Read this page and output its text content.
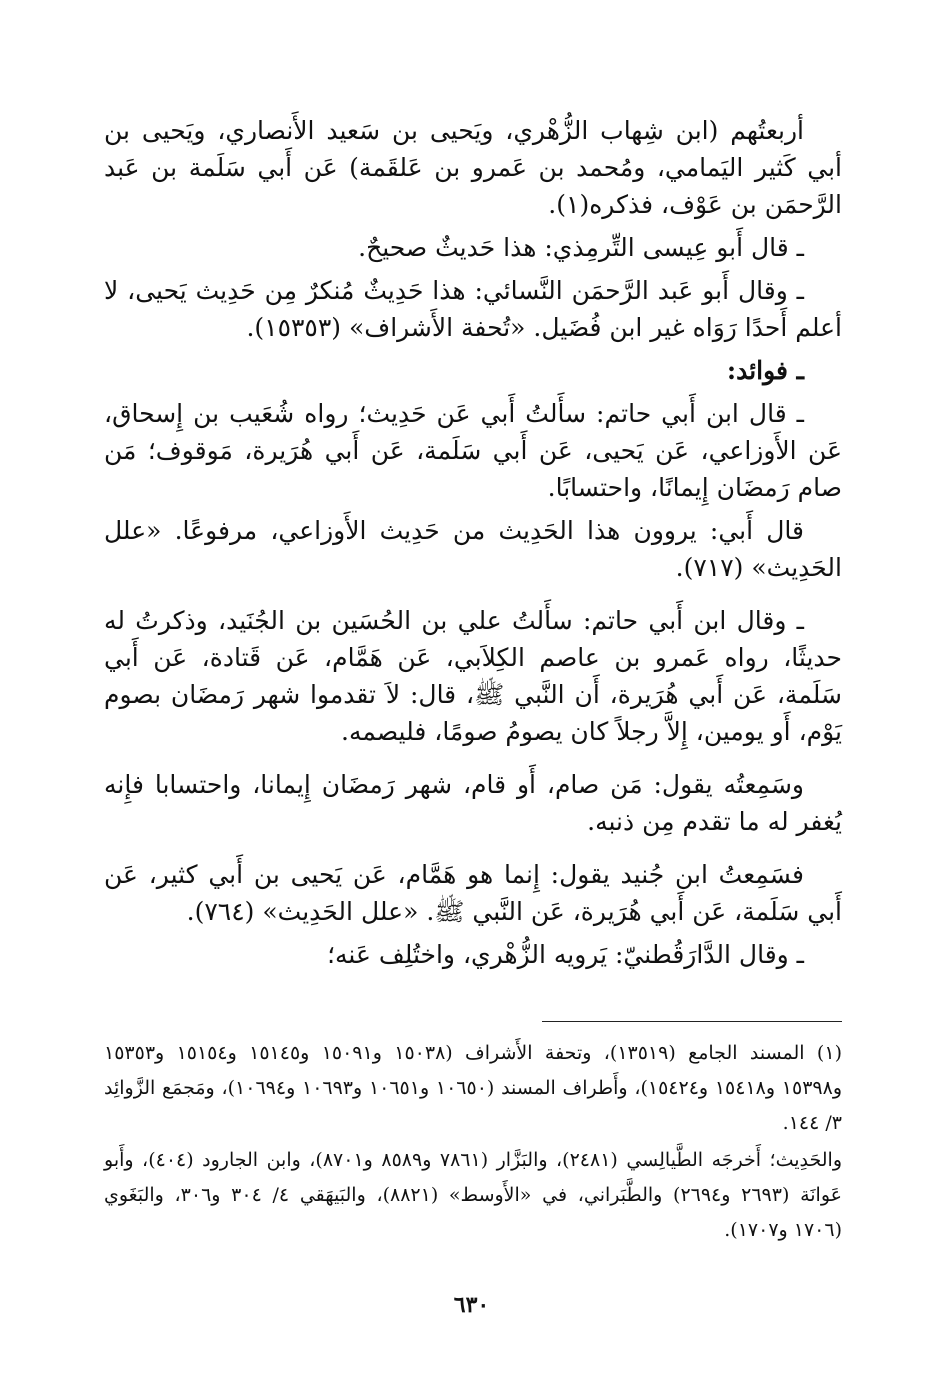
أربعتُهم (ابن شِهاب الزُّهْري، ويَحيى بن سَعيد الأَنصاري، ويَحيى بن أبي كَثير اليَمامي، ومُحمد بن عَمرو بن عَلقَمة) عَن أَبي سَلَمة بن عَبد الرَّحمَن بن عَوْف، فذكره(١).

ـ قال أَبو عِيسى التِّرمِذي: هذا حَديثٌ صحيحٌ.

ـ وقال أَبو عَبد الرَّحمَن النَّسائي: هذا حَدِيثٌ مُنكرٌ مِن حَدِيث يَحيى، لا أعلم أَحدًا رَوَاه غير ابن فُضَيل. «تُحفة الأَشراف» (١٥٣٥٣).

ـ فوائد:

ـ قال ابن أَبي حاتم: سأَلتُ أَبي عَن حَدِيث؛ رواه شُعَيب بن إِسحاق، عَن الأَوزاعي، عَن يَحيى، عَن أَبي سَلَمة، عَن أَبي هُرَيرة، مَوقوف؛ مَن صام رَمضَان إِيمانًا، واحتسابًا.

قال أَبي: يروون هذا الحَدِيث من حَدِيث الأَوزاعي، مرفوعًا. «علل الحَدِيث» (٧١٧).

ـ وقال ابن أَبي حاتم: سأَلتُ علي بن الحُسَين بن الجُنَيد، وذكرتُ له حديثًا، رواه عَمرو بن عاصم الكِلاَبي، عَن هَمَّام، عَن قَتادة، عَن أَبي سَلَمة، عَن أَبي هُرَيرة، أَن النَّبي ﷺ، قال: لاَ تقدموا شهر رَمضَان بصوم يَوْم، أَو يومين، إِلاَّ رجلاً كان يصومُ صومًا، فليصمه.

وسَمِعتُه يقول: مَن صام، أَو قام، شهر رَمضَان إِيمانا، واحتسابا فإِنه يُغفر له ما تقدم مِن ذنبه.

فسَمِعتُ ابن جُنيد يقول: إِنما هو هَمَّام، عَن يَحيى بن أَبي كثير، عَن أَبي سَلَمة، عَن أَبي هُرَيرة، عَن النَّبي ﷺ. «علل الحَدِيث» (٧٦٤).

ـ وقال الدَّارَقُطنيّ: يَرويه الزُّهْري، واختُلِف عَنه؛

(١) المسند الجامع (١٣٥١٩)، وتحفة الأَشراف (١٥٠٣٨ و١٥٠٩١ و١٥١٤٥ و١٥١٥٤ و١٥٣٥٣ و١٥٣٩٨ و١٥٤١٨ و١٥٤٢٤)، وأَطراف المسند (١٠٦٥٠ و١٠٦٥١ و١٠٦٩٣ و١٠٦٩٤)، ومَجمَع الزَّوائِد ٣/ ١٤٤.

والحَدِيث؛ أَخرجَه الطَّيالِسي (٢٤٨١)، والبَزَّار (٧٨٦١ و٨٥٨٩ و٨٧٠١)، وابن الجارود (٤٠٤)، وأَبو عَوانَة (٢٦٩٣ و٢٦٩٤) والطَّبَراني، في «الأَوسط» (٨٨٢١)، والبَيهَقي ٤/ ٣٠٤ و٣٠٦، والبَغَوي (١٧٠٦ و١٧٠٧).

٦٣٠
